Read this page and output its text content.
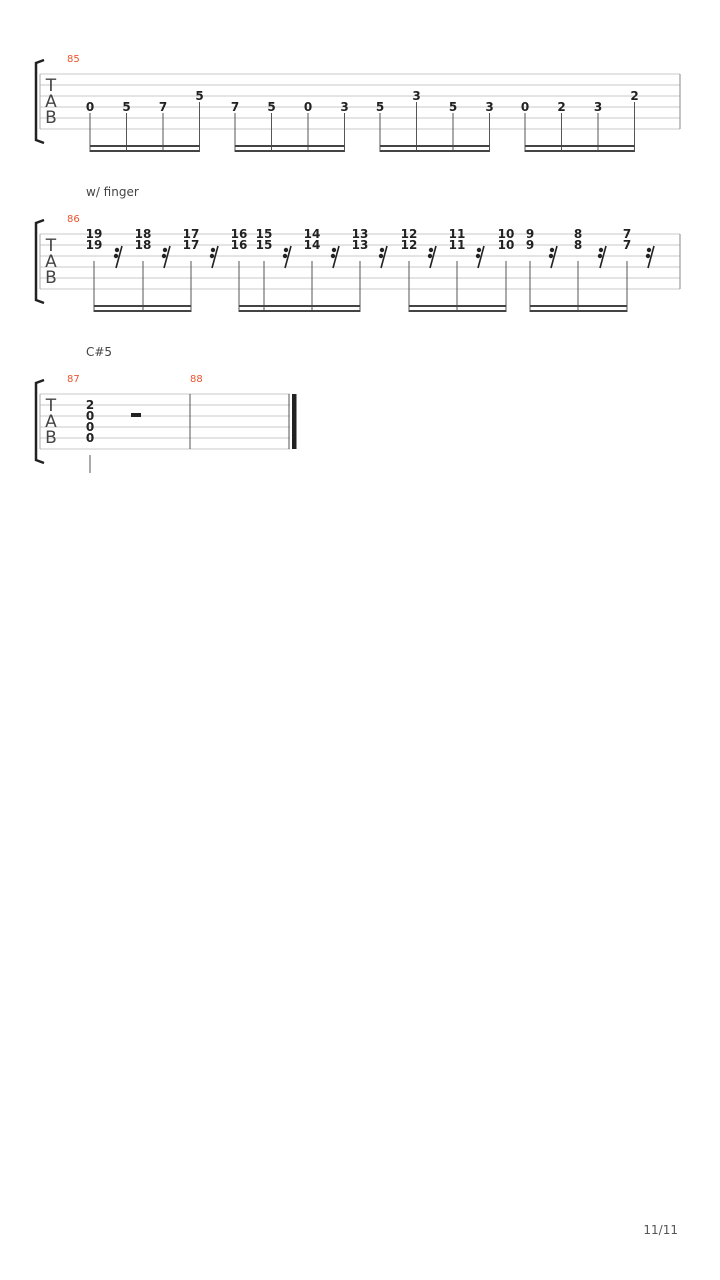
85
T
A
B
0 5 7
5
7 5 0 3 5
3
5 3 0 2 3
2
w/ finger
86
T
A
B
19
19
18
18
17
17
16
16
15
15
14
14
13
13
12
12
11
11
10
10
9
9
8
8
7
7
C#5
87	88
T
A
B
2
0
0
0
11/11
